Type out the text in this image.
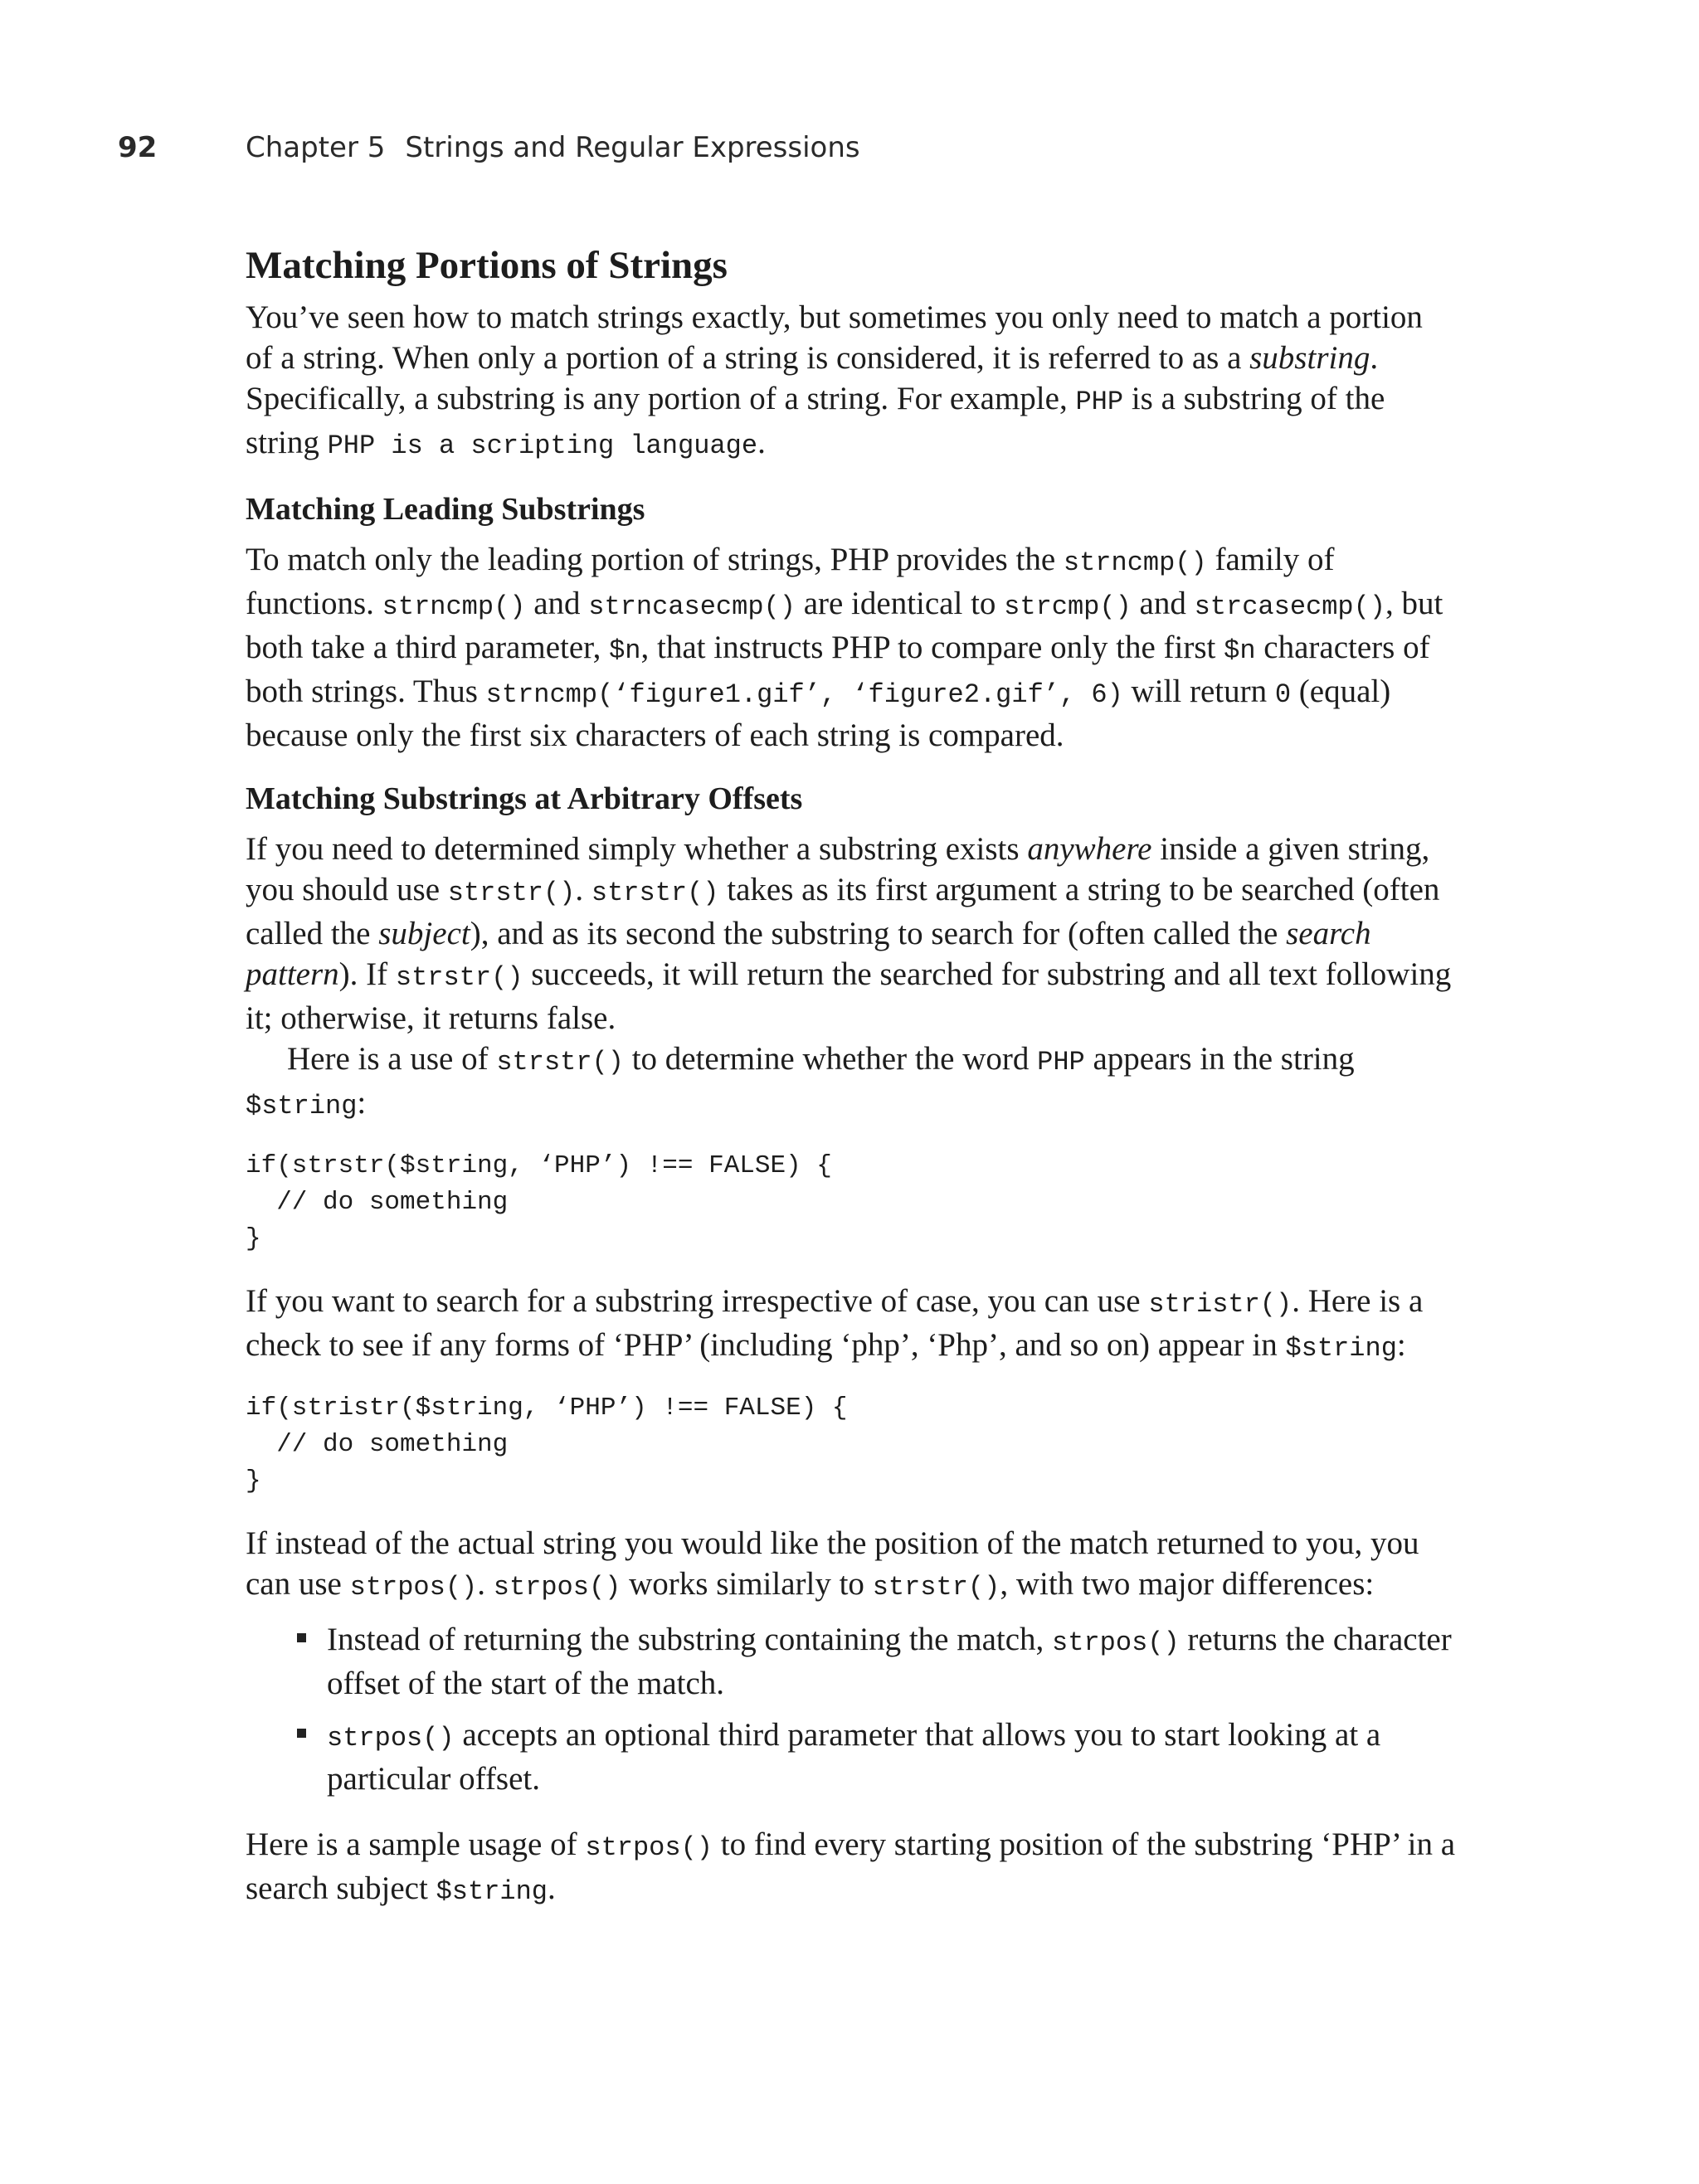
92	Chapter 5 Strings and Regular Expressions
Matching Portions of Strings

You’ve seen how to match strings exactly, but sometimes you only need to match a portion of a string. When only a portion of a string is considered, it is referred to as a substring. Specifically, a substring is any portion of a string. For example, PHP is a substring of the string PHP is a scripting language.

Matching Leading Substrings

To match only the leading portion of strings, PHP provides the strncmp() family of functions. strncmp() and strncasecmp() are identical to strcmp() and strcasecmp(), but both take a third parameter, $n, that instructs PHP to compare only the first $n characters of both strings. Thus strncmp(‘figure1.gif’, ‘figure2.gif’, 6) will return 0 (equal) because only the first six characters of each string is compared.

Matching Substrings at Arbitrary Offsets

If you need to determined simply whether a substring exists anywhere inside a given string, you should use strstr(). strstr() takes as its first argument a string to be searched (often called the subject), and as its second the substring to search for (often called the search pattern). If strstr() succeeds, it will return the searched for substring and all text following it; otherwise, it returns false.

Here is a use of strstr() to determine whether the word PHP appears in the string $string:

if(strstr($string, ‘PHP’) !== FALSE) {
// do something
}

If you want to search for a substring irrespective of case, you can use stristr(). Here is a check to see if any forms of ‘PHP’ (including ‘php’, ‘Php’, and so on) appear in $string:

if(stristr($string, ‘PHP’) !== FALSE) {
// do something
}

If instead of the actual string you would like the position of the match returned to you, you can use strpos(). strpos() works similarly to strstr(), with two major differences:

Instead of returning the substring containing the match, strpos() returns the character offset of the start of the match.
strpos() accepts an optional third parameter that allows you to start looking at a particular offset.

Here is a sample usage of strpos() to find every starting position of the substring ‘PHP’ in a search subject $string.
